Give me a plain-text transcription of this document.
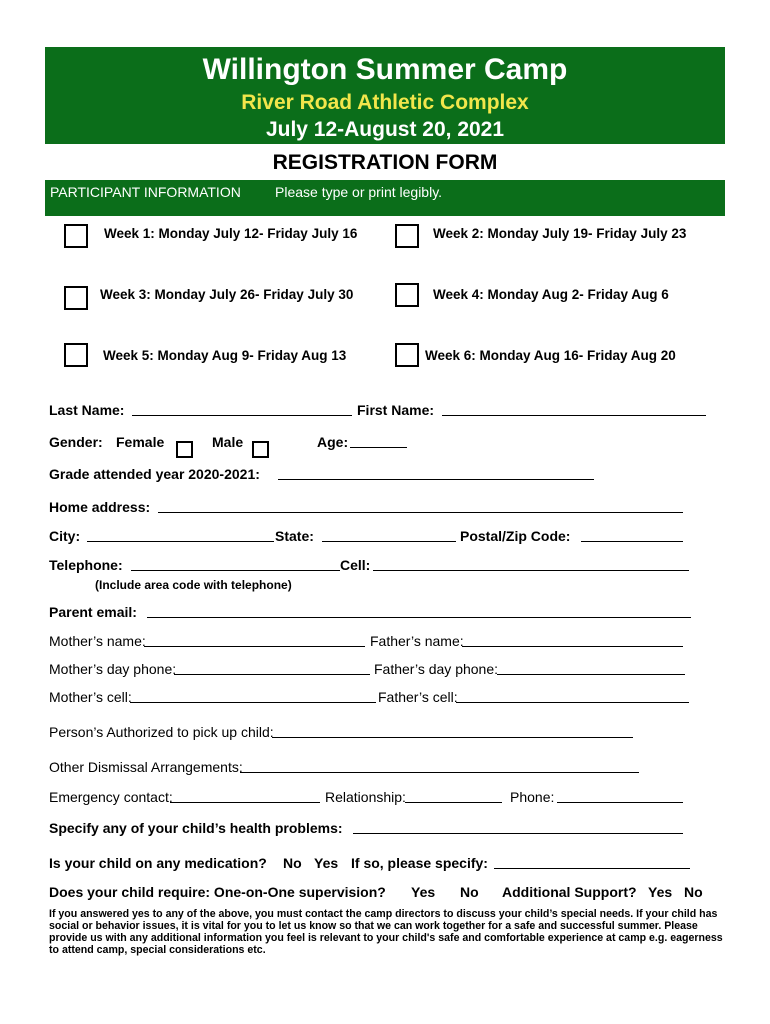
Willington Summer Camp
River Road Athletic Complex
July 12-August 20, 2021
REGISTRATION FORM
PARTICIPANT INFORMATION Please type or print legibly.
Week 1: Monday July 12- Friday July 16	Week 2: Monday July 19- Friday July 23
Week 3: Monday July 26- Friday July 30	Week 4: Monday Aug 2- Friday Aug 6
Week 5: Monday Aug 9- Friday Aug 13	Week 6: Monday Aug 16- Friday Aug 20
Last Name:	First Name:
Gender: Female	Male	Age:
Grade attended year 2020-2021:
Home address:
City:	State:	Postal/Zip Code:
Telephone:	Cell:
(Include area code with telephone)
Parent email:
Mother’s name:	Father’s name:
Mother’s day phone:	Father’s day phone:
Mother’s cell:	Father’s cell:
Person’s Authorized to pick up child:
Other Dismissal Arrangements:
Emergency contact:	Relationship:	Phone:
Specify any of your child’s health problems:
Is your child on any medication? No Yes If so, please specify:
Does your child require: One-on-One supervision? Yes No Additional Support? Yes No
If you answered yes to any of the above, you must contact the camp directors to discuss your child’s special needs. If your child has social or behavior issues, it is vital for you to let us know so that we can work together for a safe and successful summer. Please provide us with any additional information you feel is relevant to your child's safe and comfortable experience at camp e.g. eagerness to attend camp, special considerations etc.
